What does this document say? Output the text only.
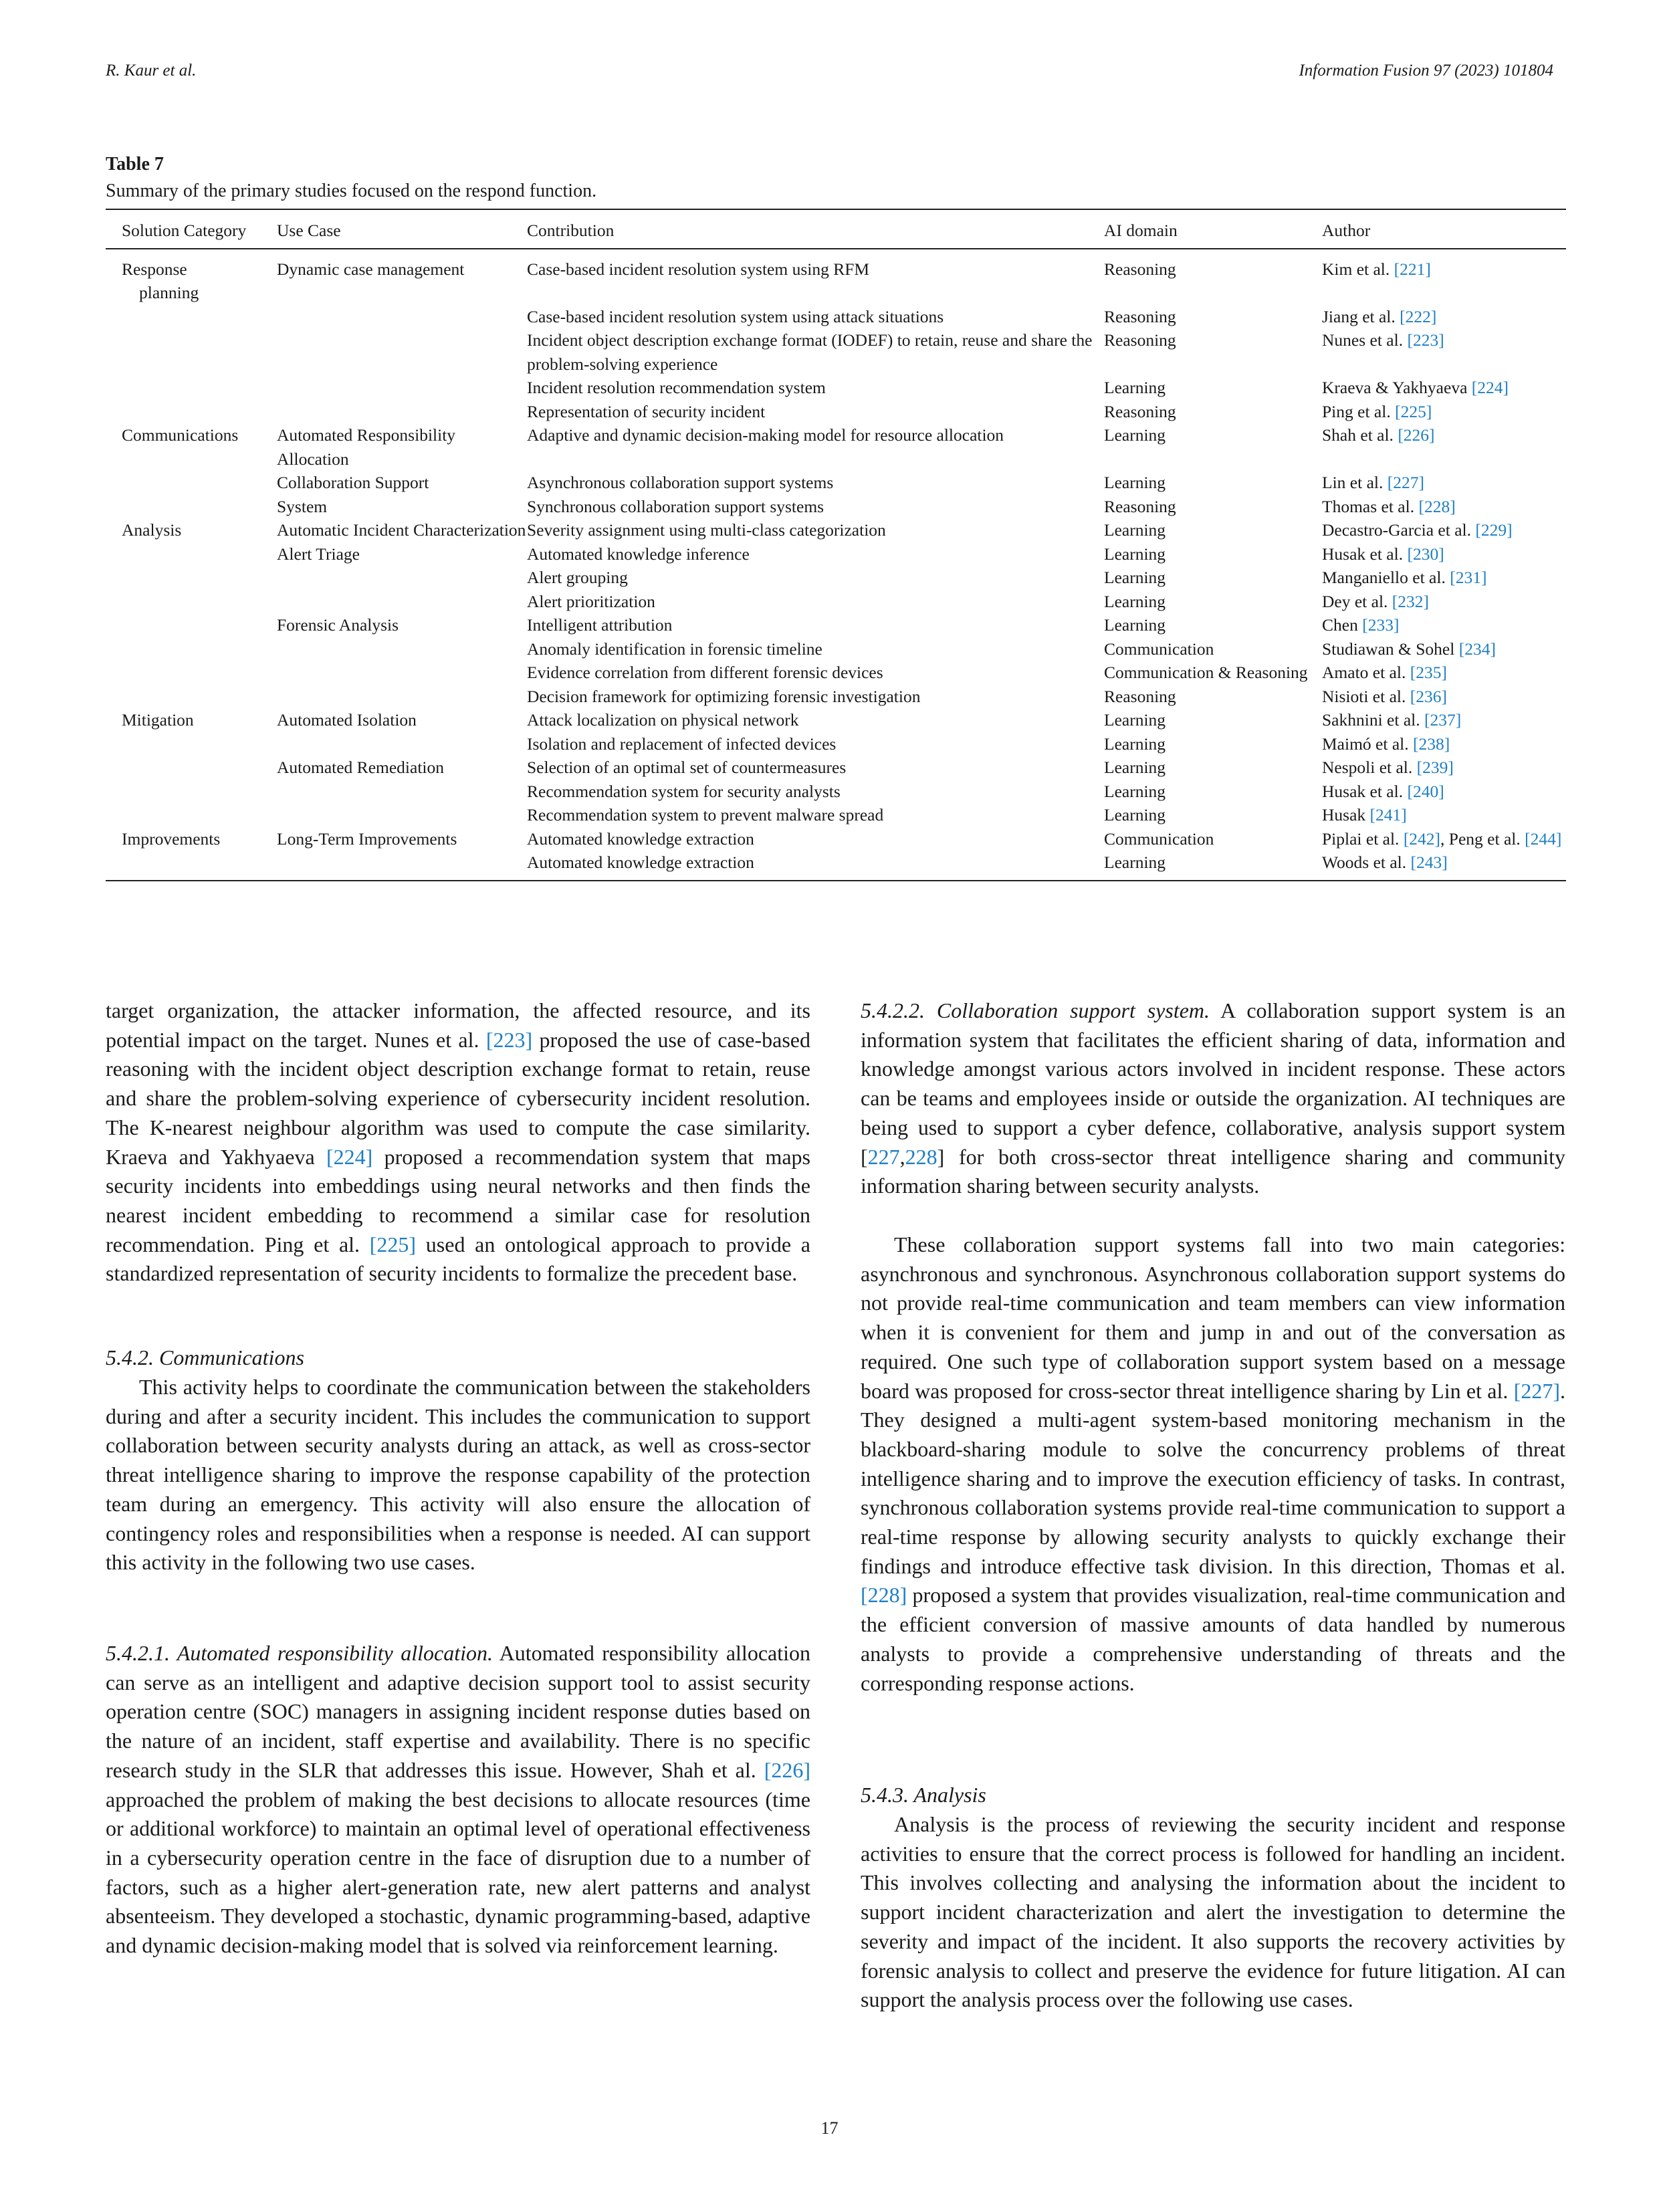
R. Kaur et al.	Information Fusion 97 (2023) 101804
Table 7
Summary of the primary studies focused on the respond function.
Solution Category	Use Case	Contribution	AI domain	Author

Response
planning	Dynamic case management	Case-based incident resolution system using RFM	Reasoning	Kim et al. [221]
		Case-based incident resolution system using attack situations	Reasoning	Jiang et al. [222]
		Incident object description exchange format (IODEF) to retain, reuse and share the problem-solving experience	Reasoning	Nunes et al. [223]
		Incident resolution recommendation system	Learning	Kraeva & Yakhyaeva [224]
		Representation of security incident	Reasoning	Ping et al. [225]
Communications	Automated Responsibility Allocation	Adaptive and dynamic decision-making model for resource allocation	Learning	Shah et al. [226]
	Collaboration Support	Asynchronous collaboration support systems	Learning	Lin et al. [227]
	System	Synchronous collaboration support systems	Reasoning	Thomas et al. [228]
Analysis	Automatic Incident Characterization	Severity assignment using multi-class categorization	Learning	Decastro-Garcia et al. [229]
	Alert Triage	Automated knowledge inference	Learning	Husak et al. [230]
		Alert grouping	Learning	Manganiello et al. [231]
		Alert prioritization	Learning	Dey et al. [232]
	Forensic Analysis	Intelligent attribution	Learning	Chen [233]
		Anomaly identification in forensic timeline	Communication	Studiawan & Sohel [234]
		Evidence correlation from different forensic devices	Communication & Reasoning	Amato et al. [235]
		Decision framework for optimizing forensic investigation	Reasoning	Nisioti et al. [236]
Mitigation	Automated Isolation	Attack localization on physical network	Learning	Sakhnini et al. [237]
		Isolation and replacement of infected devices	Learning	Maimó et al. [238]
	Automated Remediation	Selection of an optimal set of countermeasures	Learning	Nespoli et al. [239]
		Recommendation system for security analysts	Learning	Husak et al. [240]
		Recommendation system to prevent malware spread	Learning	Husak [241]
Improvements	Long-Term Improvements	Automated knowledge extraction	Communication	Piplai et al. [242], Peng et al. [244]
		Automated knowledge extraction	Learning	Woods et al. [243]

target organization, the attacker information, the affected resource, and its potential impact on the target. Nunes et al. [223] proposed the use of case-based reasoning with the incident object description exchange format to retain, reuse and share the problem-solving experience of cybersecurity incident resolution. The K-nearest neighbour algorithm was used to compute the case similarity. Kraeva and Yakhyaeva [224] proposed a recommendation system that maps security incidents into embeddings using neural networks and then finds the nearest incident embedding to recommend a similar case for resolution recommendation. Ping et al. [225] used an ontological approach to provide a standardized representation of security incidents to formalize the precedent base.

5.4.2. Communications

This activity helps to coordinate the communication between the stakeholders during and after a security incident. This includes the communication to support collaboration between security analysts during an attack, as well as cross-sector threat intelligence sharing to improve the response capability of the protection team during an emergency. This activity will also ensure the allocation of contingency roles and responsibilities when a response is needed. AI can support this activity in the following two use cases.

5.4.2.1. Automated responsibility allocation. Automated responsibility allocation can serve as an intelligent and adaptive decision support tool to assist security operation centre (SOC) managers in assigning incident response duties based on the nature of an incident, staff expertise and availability. There is no specific research study in the SLR that addresses this issue. However, Shah et al. [226] approached the problem of making the best decisions to allocate resources (time or additional workforce) to maintain an optimal level of operational effectiveness in a cybersecurity operation centre in the face of disruption due to a number of factors, such as a higher alert-generation rate, new alert patterns and analyst absenteeism. They developed a stochastic, dynamic programming-based, adaptive and dynamic decision-making model that is solved via reinforcement learning.

5.4.2.2. Collaboration support system. A collaboration support system is an information system that facilitates the efficient sharing of data, information and knowledge amongst various actors involved in incident response. These actors can be teams and employees inside or outside the organization. AI techniques are being used to support a cyber defence, collaborative, analysis support system [227,228] for both cross-sector threat intelligence sharing and community information sharing between security analysts.

These collaboration support systems fall into two main categories: asynchronous and synchronous. Asynchronous collaboration support systems do not provide real-time communication and team members can view information when it is convenient for them and jump in and out of the conversation as required. One such type of collaboration support system based on a message board was proposed for cross-sector threat intelligence sharing by Lin et al. [227]. They designed a multi-agent system-based monitoring mechanism in the blackboard-sharing module to solve the concurrency problems of threat intelligence sharing and to improve the execution efficiency of tasks. In contrast, synchronous collaboration systems provide real-time communication to support a real-time response by allowing security analysts to quickly exchange their findings and introduce effective task division. In this direction, Thomas et al. [228] proposed a system that provides visualization, real-time communication and the efficient conversion of massive amounts of data handled by numerous analysts to provide a comprehensive understanding of threats and the corresponding response actions.

5.4.3. Analysis

Analysis is the process of reviewing the security incident and response activities to ensure that the correct process is followed for handling an incident. This involves collecting and analysing the information about the incident to support incident characterization and alert the investigation to determine the severity and impact of the incident. It also supports the recovery activities by forensic analysis to collect and preserve the evidence for future litigation. AI can support the analysis process over the following use cases.

17
